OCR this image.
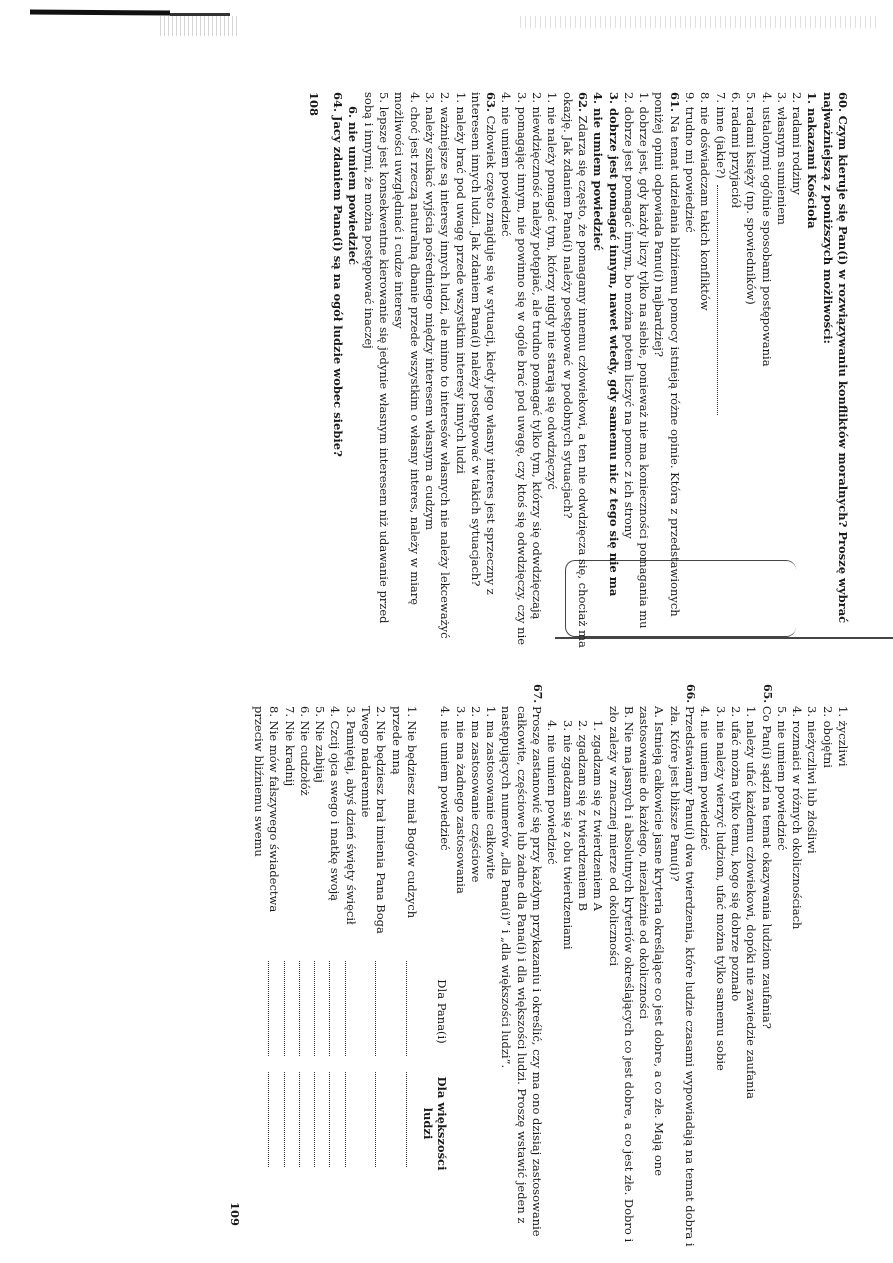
60. Czym kieruje się Pan(i) w rozwiązywaniu konfliktów moralnych? Proszę wybrać najważniejszą z poniższych możliwości:

1. nakazami Kościoła
2. radami rodziny
3. własnym sumieniem
4. ustalonymi ogólnie sposobami postępowania
5. radami księży (np. spowiedników)
6. radami przyjaciół
7. inne (jakie?)
8. nie doświadczam takich konfliktów
9. trudno mi powiedzieć

61. Na temat udzielania bliźniemu pomocy istnieją różne opinie. Która z przedstawionych poniżej opinii odpowiada Panu(i) najbardziej?

1. dobrze jest, gdy każdy liczy tylko na siebie, ponieważ nie ma konieczności pomagania mu
2. dobrze jest pomagać innym, bo można potem liczyć na pomoc z ich strony
3. dobrze jest pomagać innym, nawet wtedy, gdy samemu nic z tego się nie ma
4. nie umiem powiedzieć

62. Zdarza się często, że pomagamy innemu człowiekowi, a ten nie odwdzięcza się, chociaż ma okazję. Jak zdaniem Pana(i) należy postępować w podobnych sytuacjach?

1. nie należy pomagać tym, którzy nigdy nie starają się odwdzięczyć
2. niewdzięczność należy potępiać, ale trudno pomagać tylko tym, którzy się odwdzięczają
3. pomagając innym, nie powinno się w ogóle brać pod uwagę, czy ktoś się odwdzięczy, czy nie
4. nie umiem powiedzieć

63. Człowiek często znajduje się w sytuacji, kiedy jego własny interes jest sprzeczny z interesem innych ludzi. Jak zdaniem Pana(i) należy postępować w takich sytuacjach?

1. należy brać pod uwagę przede wszystkim interesy innych ludzi
2. ważniejsze są interesy innych ludzi, ale mimo to interesów własnych nie należy lekceważyć
3. należy szukać wyjścia pośredniego między interesem własnym a cudzym
4. choć jest rzeczą naturalną dbanie przede wszystkim o własny interes, należy w miarę możliwości uwzględniać i cudze interesy
5. lepsze jest konsekwentne kierowanie się jedynie własnym interesem niż udawanie przed sobą i innymi, że można postępować inaczej
6. nie umiem powiedzieć

64. Jacy zdaniem Pana(i) są na ogół ludzie wobec siebie?

108
1. życzliwi
2. obojętni
3. nieżyczliwi lub złośliwi
4. rozmaici w różnych okolicznościach
5. nie umiem powiedzieć
65.

Co Pan(i) sądzi na temat okazywania ludziom zaufania?

1. należy ufać każdemu człowiekowi, dopóki nie zawiedzie zaufania
2. ufać można tylko temu, kogo się dobrze poznało
3. nie należy wierzyć ludziom, ufać można tylko samemu sobie
4. nie umiem powiedzieć
66.

Przedstawiamy Panu(i) dwa twierdzenia, które ludzie czasami wypowiadają na temat dobra i zła. Które jest bliższe Panu(i)?

A. Istnieją całkowicie jasne kryteria określające co jest dobre, a co złe. Mają one zastosowanie do każdego, niezależnie od okoliczności
B. Nie ma jasnych i absolutnych kryteriów określających co jest dobre, a co jest złe. Dobro i zło zależy w znacznej mierze od okoliczności
1. zgadzam się z twierdzeniem A
2. zgadzam się z twierdzeniem B
3. nie zgadzam się z obu twierdzeniami
4. nie umiem powiedzieć
67.

Proszę zastanowić się przy każdym przykazaniu i określić, czy ma ono dzisiaj zastosowanie całkowite, częściowe lub żadne dla Pana(i) i dla większości ludzi. Proszę wstawić jeden z następujących numerów „dla Pana(i)” i „dla większości ludzi”.

1. ma zastosowanie całkowite
2. ma zastosowanie częściowe
3. nie ma żadnego zastosowania
4. nie umiem powiedzieć
Dla Pana(i)
Dla większości ludzi
1. Nie będziesz miał Bogów cudzych przede mną
2. Nie będziesz brał imienia Pana Boga Twego nadaremnie
3. Pamiętaj, abyś dzień święty święcił
4. Czcij ojca swego i matkę swoją
5. Nie zabijaj
6. Nie cudzołóż
7. Nie kradnij
8. Nie mów fałszywego świadectwa przeciw bliźniemu swemu
109
